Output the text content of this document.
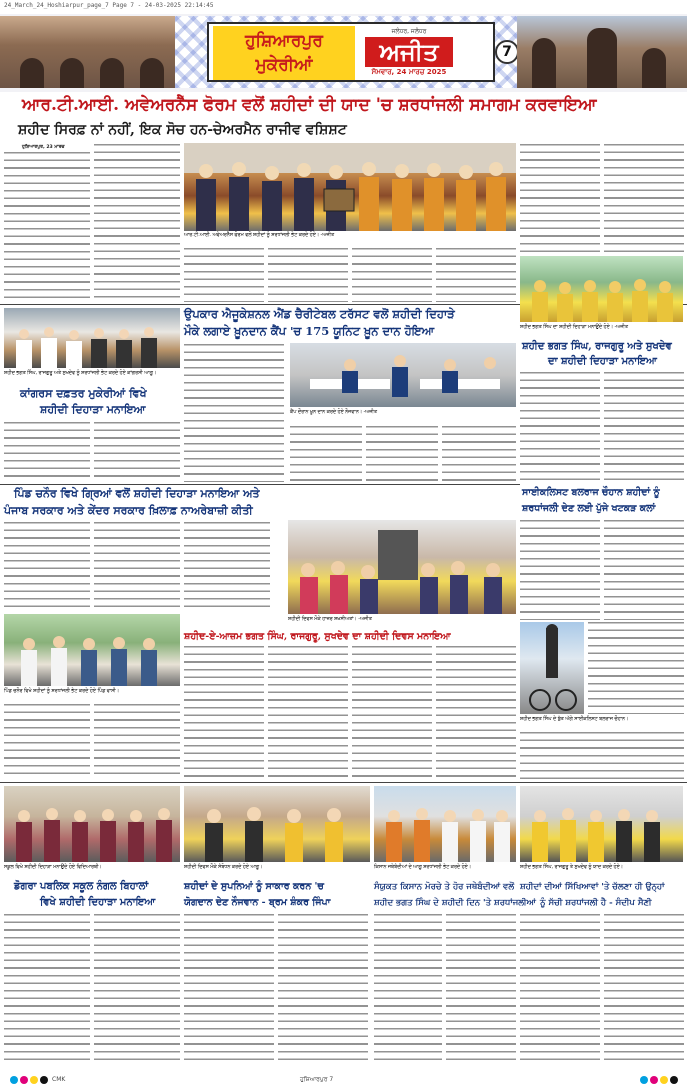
24_March_24_Hoshiarpur_page_7 Page 7 - 24-03-2025 22:14:45
ਹੁਸ਼ਿਆਰਪੁਰ
ਮੁਕੇਰੀਆਂ
ਜਲੰਧਰ, ਜਲੰਧਰ
ਅਜੀਤ
ਸੋਮਵਾਰ, 24 ਮਾਰਚ 2025
7
ਆਰ.ਟੀ.ਆਈ. ਅਵੇਅਰਨੈੱਸ ਫੋਰਮ ਵਲੋਂ ਸ਼ਹੀਦਾਂ ਦੀ ਯਾਦ 'ਚ ਸ਼ਰਧਾਂਜਲੀ ਸਮਾਗਮ ਕਰਵਾਇਆ
ਸ਼ਹੀਦ ਸਿਰਫ਼ ਨਾਂ ਨਹੀਂ, ਇਕ ਸੋਚ ਹਨ-ਚੇਅਰਮੈਨ ਰਾਜੀਵ ਵਸ਼ਿਸ਼ਟ
ਹੁਸ਼ਿਆਰਪੁਰ, 23 ਮਾਰਚ
ਆਰ.ਟੀ.ਆਈ. ਅਵੇਅਰਨੈੱਸ ਫੋਰਮ ਵਲੋਂ ਸ਼ਹੀਦਾਂ ਨੂੰ ਸ਼ਰਧਾਂਜਲੀ ਭੇਟ ਕਰਦੇ ਹੋਏ। -ਅਜੀਤ
ਸ਼ਹੀਦ ਭਗਤ ਸਿੰਘ, ਰਾਜਗੁਰੂ ਅਤੇ ਸੁਖਦੇਵ ਨੂੰ ਸ਼ਰਧਾਂਜਲੀ ਭੇਟ ਕਰਦੇ ਹੋਏ ਕਾਂਗਰਸੀ ਆਗੂ।
ਕਾਂਗਰਸ ਦਫ਼ਤਰ ਮੁਕੇਰੀਆਂ ਵਿਖੇ
ਸ਼ਹੀਦੀ ਦਿਹਾੜਾ ਮਨਾਇਆ
ਉਪਕਾਰ ਐਜੂਕੇਸ਼ਨਲ ਐਂਡ ਚੈਰੀਟੇਬਲ ਟਰੱਸਟ ਵਲੋਂ ਸ਼ਹੀਦੀ ਦਿਹਾੜੇ
ਮੌਕੇ ਲਗਾਏ ਖ਼ੂਨਦਾਨ ਕੈਂਪ 'ਚ 175 ਯੂਨਿਟ ਖ਼ੂਨ ਦਾਨ ਹੋਇਆ
ਕੈਂਪ ਦੌਰਾਨ ਖ਼ੂਨ ਦਾਨ ਕਰਦੇ ਹੋਏ ਨੌਜਵਾਨ। -ਅਜੀਤ
ਸ਼ਹੀਦ ਭਗਤ ਸਿੰਘ ਦਾ ਸ਼ਹੀਦੀ ਦਿਹਾੜਾ ਮਨਾਉਂਦੇ ਹੋਏ। -ਅਜੀਤ
ਸ਼ਹੀਦ ਭਗਤ ਸਿੰਘ, ਰਾਜਗੁਰੂ ਅਤੇ ਸੁਖਦੇਵ
ਦਾ ਸ਼ਹੀਦੀ ਦਿਹਾੜਾ ਮਨਾਇਆ
ਪਿੰਡ ਚਨੌਰ ਵਿਖੇ ਗ੍ਰਿਆਂ ਵਲੋਂ ਸ਼ਹੀਦੀ ਦਿਹਾੜਾ ਮਨਾਇਆ ਅਤੇ
ਪੰਜਾਬ ਸਰਕਾਰ ਅਤੇ ਕੇਂਦਰ ਸਰਕਾਰ ਖ਼ਿਲਾਫ਼ ਨਾਅਰੇਬਾਜ਼ੀ ਕੀਤੀ
ਪਿੰਡ ਚਨੌਰ ਵਿਖੇ ਸ਼ਹੀਦਾਂ ਨੂੰ ਸ਼ਰਧਾਂਜਲੀ ਭੇਟ ਕਰਦੇ ਹੋਏ ਪਿੰਡ ਵਾਸੀ।
ਸ਼ਹੀਦੀ ਦਿਵਸ ਮੌਕੇ ਹਾਜ਼ਰ ਸ਼ਖ਼ਸੀਅਤਾਂ। -ਅਜੀਤ
ਸ਼ਹੀਦ-ਏ-ਆਜ਼ਮ ਭਗਤ ਸਿੰਘ, ਰਾਜਗੁਰੂ, ਸੁਖਦੇਵ ਦਾ ਸ਼ਹੀਦੀ ਦਿਵਸ ਮਨਾਇਆ
ਸਾਈਕਲਿਸਟ ਬਲਰਾਜ ਚੌਹਾਨ ਸ਼ਹੀਦਾਂ ਨੂੰ
ਸ਼ਰਧਾਂਜਲੀ ਦੇਣ ਲਈ ਪੁੱਜੇ ਖਟਕੜ ਕਲਾਂ
ਸ਼ਹੀਦ ਭਗਤ ਸਿੰਘ ਦੇ ਬੁੱਤ ਅੱਗੇ ਸਾਈਕਲਿਸਟ ਬਲਰਾਜ ਚੌਹਾਨ।
ਸਕੂਲ ਵਿਖੇ ਸ਼ਹੀਦੀ ਦਿਹਾੜਾ ਮਨਾਉਂਦੇ ਹੋਏ ਵਿਦਿਆਰਥੀ।
ਡੋਗਰਾ ਪਬਲਿਕ ਸਕੂਲ ਨੰਗਲ ਬਿਹਾਲਾਂ
ਵਿਖੇ ਸ਼ਹੀਦੀ ਦਿਹਾੜਾ ਮਨਾਇਆ
ਸ਼ਹੀਦੀ ਦਿਵਸ ਮੌਕੇ ਸੰਬੋਧਨ ਕਰਦੇ ਹੋਏ ਆਗੂ।
ਸ਼ਹੀਦਾਂ ਦੇ ਸੁਪਨਿਆਂ ਨੂੰ ਸਾਕਾਰ ਕਰਨ 'ਚ
ਯੋਗਦਾਨ ਦੇਣ ਨੌਜਵਾਨ - ਬ੍ਰਮ ਸ਼ੰਕਰ ਜਿੰਪਾ
ਕਿਸਾਨ ਜਥੇਬੰਦੀਆਂ ਦੇ ਆਗੂ ਸ਼ਰਧਾਂਜਲੀ ਭੇਟ ਕਰਦੇ ਹੋਏ।
ਸੰਯੁਕਤ ਕਿਸਾਨ ਮੋਰਚੇ ਤੇ ਹੋਰ ਜਥੇਬੰਦੀਆਂ ਵਲੋਂ
ਸ਼ਹੀਦ ਭਗਤ ਸਿੰਘ ਦੇ ਸ਼ਹੀਦੀ ਦਿਨ 'ਤੇ ਸ਼ਰਧਾਂਜਲੀਆਂ
ਸ਼ਹੀਦ ਭਗਤ ਸਿੰਘ, ਰਾਜਗੁਰੂ ਤੇ ਸੁਖਦੇਵ ਨੂੰ ਯਾਦ ਕਰਦੇ ਹੋਏ।
ਸ਼ਹੀਦਾਂ ਦੀਆਂ ਸਿੱਖਿਆਵਾਂ 'ਤੇ ਚੱਲਣਾ ਹੀ ਉਨ੍ਹਾਂ
ਨੂੰ ਸੱਚੀ ਸ਼ਰਧਾਂਜਲੀ ਹੈ - ਸੰਦੀਪ ਸੈਣੀ
CMK	ਹੁਸ਼ਿਆਰਪੁਰ 7
